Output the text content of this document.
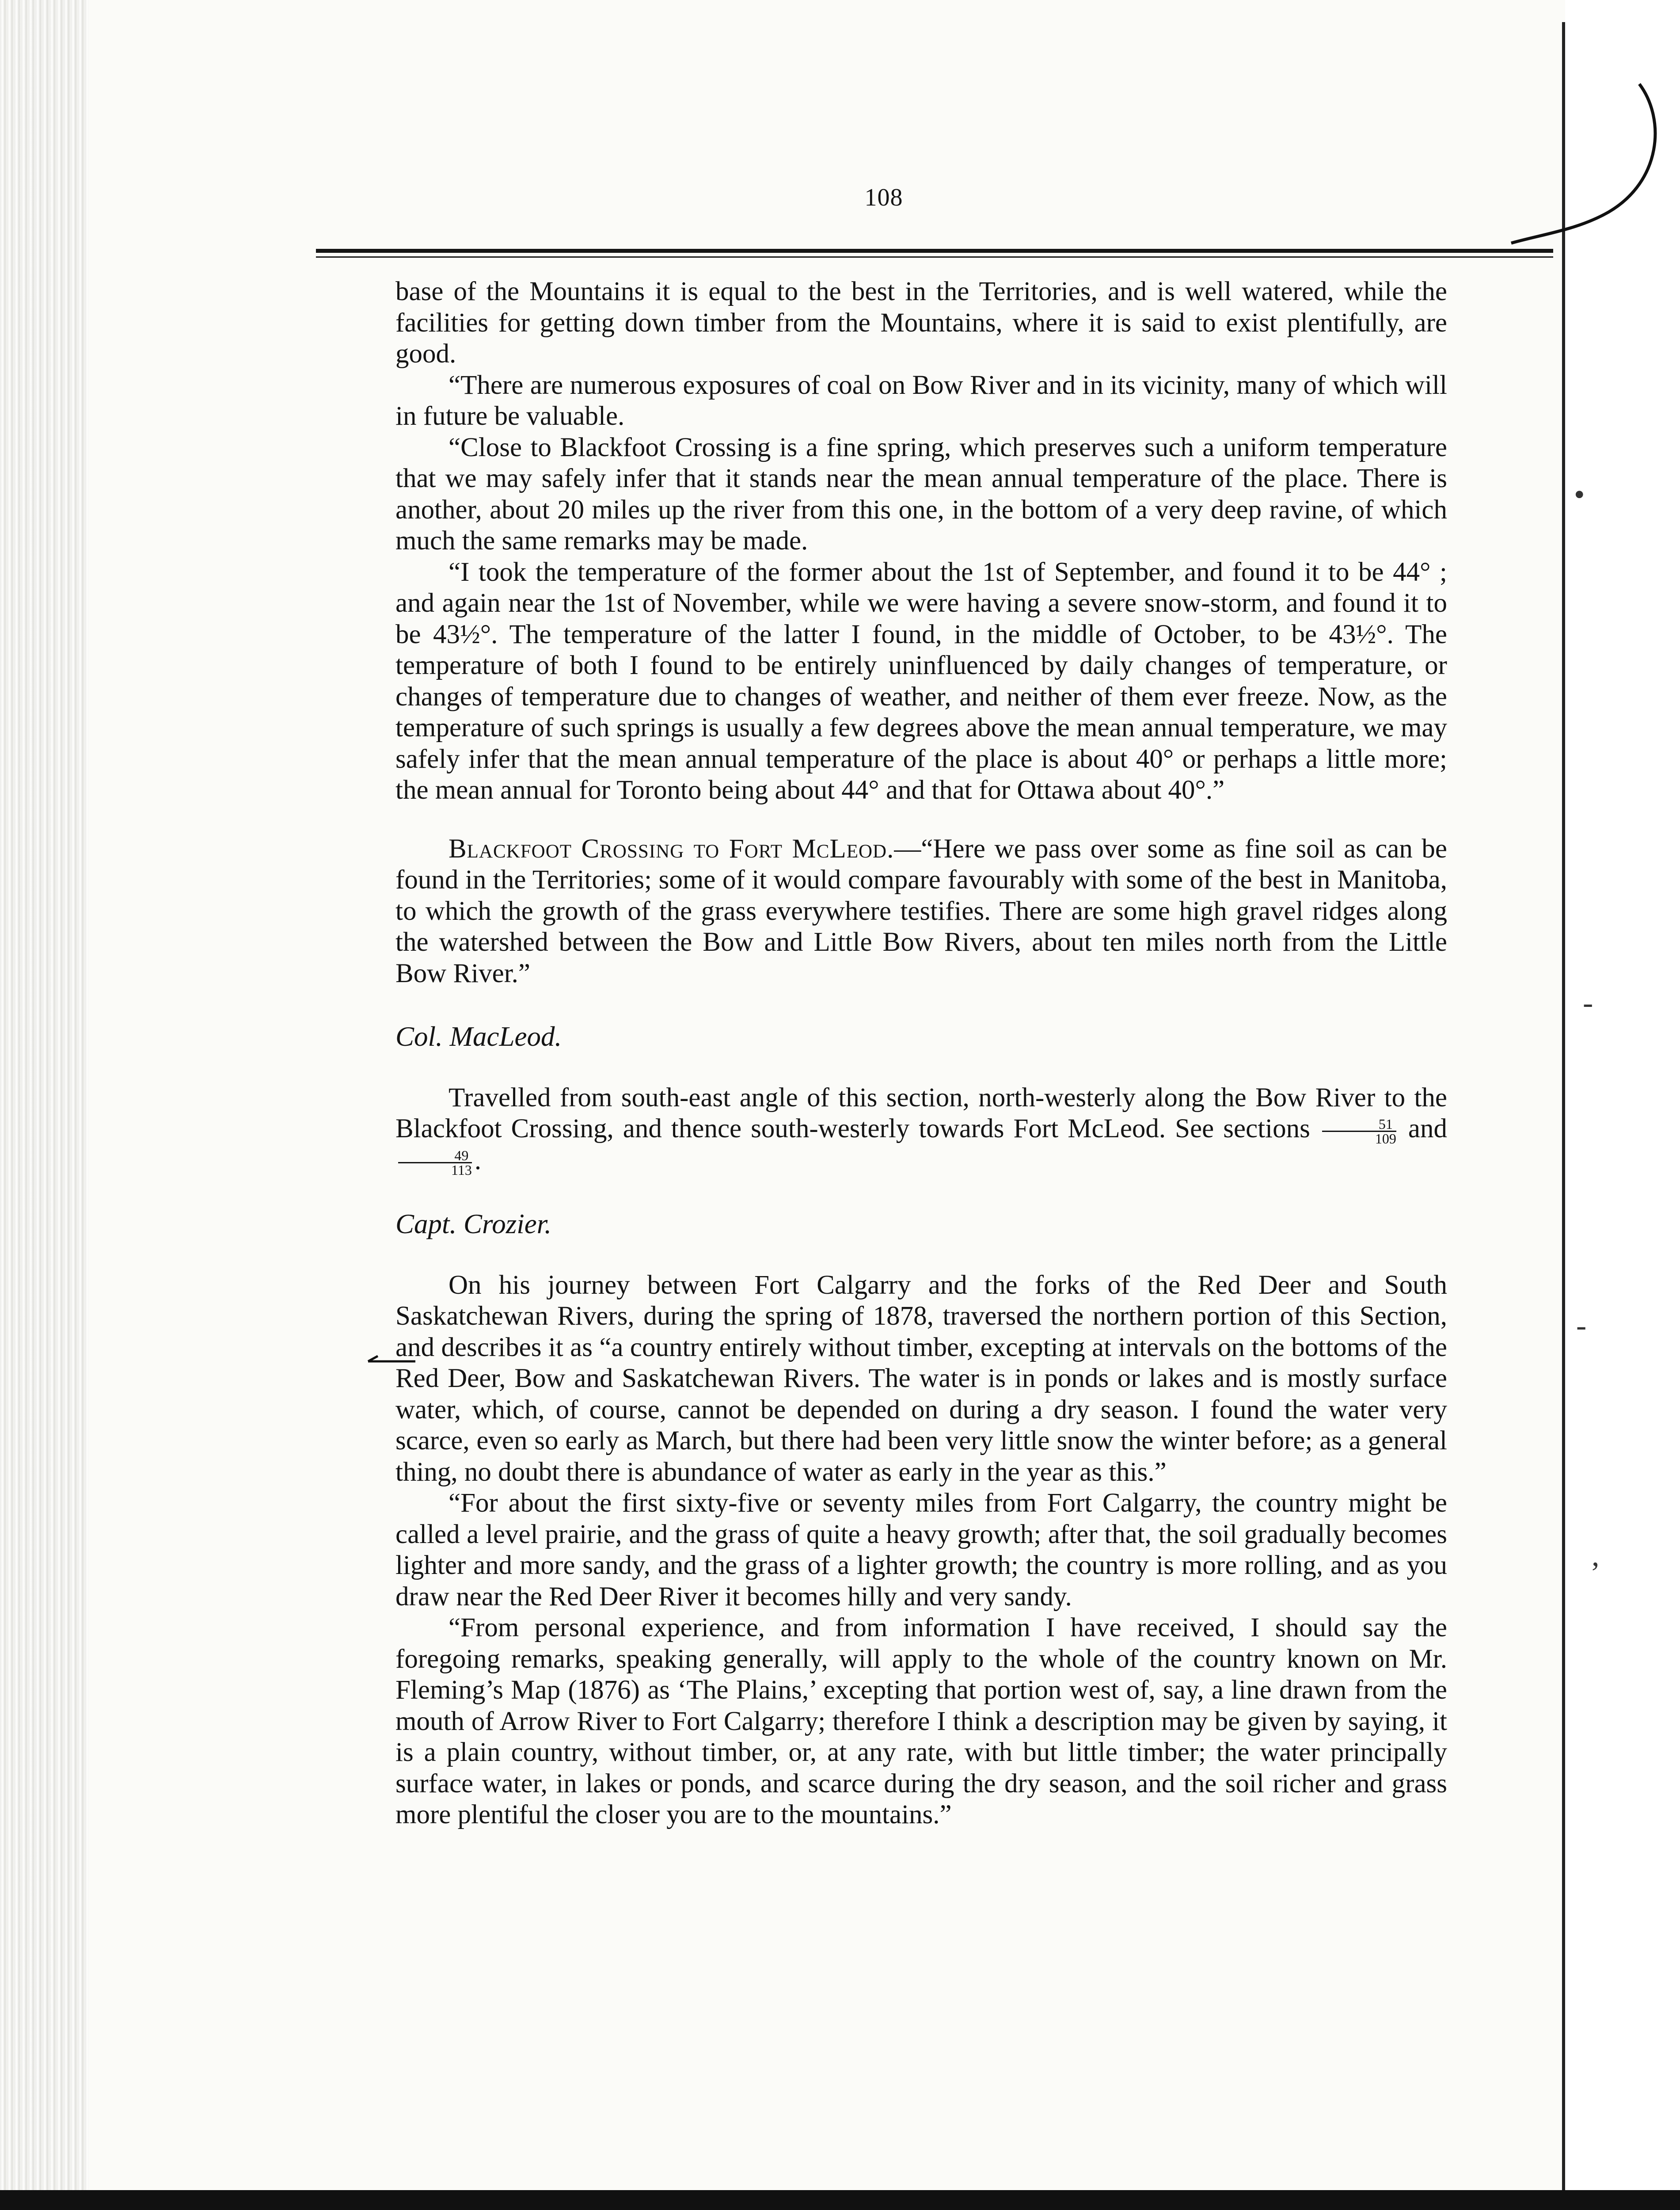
•
-
-
,
108

base of the Mountains it is equal to the best in the Territories, and is well watered, while the facilities for getting down timber from the Mountains, where it is said to exist plentifully, are good.

“There are numerous exposures of coal on Bow River and in its vicinity, many of which will in future be valuable.

“Close to Blackfoot Crossing is a fine spring, which preserves such a uniform temperature that we may safely infer that it stands near the mean annual temperature of the place. There is another, about 20 miles up the river from this one, in the bottom of a very deep ravine, of which much the same remarks may be made.

“I took the temperature of the former about the 1st of September, and found it to be 44° ; and again near the 1st of November, while we were having a severe snow-storm, and found it to be 43½°. The temperature of the latter I found, in the middle of October, to be 43½°. The temperature of both I found to be entirely uninfluenced by daily changes of temperature, or changes of temperature due to changes of weather, and neither of them ever freeze. Now, as the temperature of such springs is usually a few degrees above the mean annual temperature, we may safely infer that the mean annual temperature of the place is about 40° or perhaps a little more; the mean annual for Toronto being about 44° and that for Ottawa about 40°.”

Blackfoot Crossing to Fort McLeod.—“Here we pass over some as fine soil as can be found in the Territories; some of it would compare favourably with some of the best in Manitoba, to which the growth of the grass everywhere testifies. There are some high gravel ridges along the watershed between the Bow and Little Bow Rivers, about ten miles north from the Little Bow River.”

Col. MacLeod.

Travelled from south-east angle of this section, north-westerly along the Bow River to the Blackfoot Crossing, and thence south-westerly towards Fort McLeod. See sections $\frac{51}{109}$ and
$\frac{49}{113}$ .

Capt. Crozier.

On his journey between Fort Calgarry and the forks of the Red Deer and South Saskatchewan Rivers, during the spring of 1878, traversed the northern portion of this Section, and describes it as “a country entirely without timber, excepting at intervals on the bottoms of the Red Deer, Bow and Saskatchewan Rivers. The water is in ponds or lakes and is mostly surface water, which, of course, cannot be depended on during a dry season. I found the water very scarce, even so early as March, but there had been very little snow the winter before; as a general thing, no doubt there is abundance of water as early in the year as this.”

“For about the first sixty-five or seventy miles from Fort Calgarry, the country might be called a level prairie, and the grass of quite a heavy growth; after that, the soil gradually becomes lighter and more sandy, and the grass of a lighter growth; the country is more rolling, and as you draw near the Red Deer River it becomes hilly and very sandy.

“From personal experience, and from information I have received, I should say the foregoing remarks, speaking generally, will apply to the whole of the country known on Mr. Fleming’s Map (1876) as ‘The Plains,’ excepting that portion west of, say, a line drawn from the mouth of Arrow River to Fort Calgarry; therefore I think a description may be given by saying, it is a plain country, without timber, or, at any rate, with but little timber; the water principally surface water, in lakes or ponds, and scarce during the dry season, and the soil richer and grass more plentiful the closer you are to the mountains.”
